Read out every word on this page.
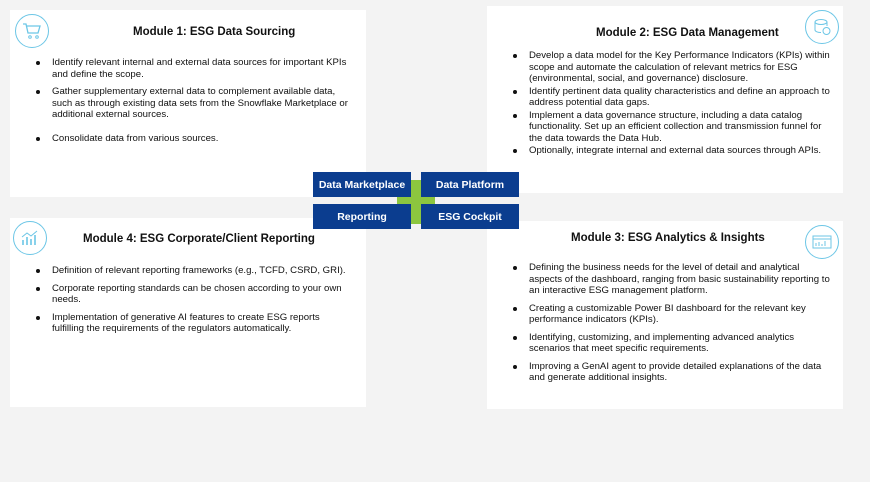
Module 1: ESG Data Sourcing
Identify relevant internal and external data sources for important KPIs and define the scope.
Gather supplementary external data to complement available data, such as through existing data sets from the Snowflake Marketplace or additional external sources.
Consolidate data from various sources.
Module 2: ESG Data Management
Develop a data model for the Key Performance Indicators (KPIs) within scope and automate the calculation of relevant metrics for ESG (environmental, social, and governance) disclosure.
Identify pertinent data quality characteristics and define an approach to address potential data gaps.
Implement a data governance structure, including a data catalog functionality. Set up an efficient collection and transmission funnel for the data towards the Data Hub.
Optionally, integrate internal and external data sources through APIs.
Module 4: ESG Corporate/Client Reporting
Definition of relevant reporting frameworks (e.g., TCFD, CSRD, GRI).
Corporate reporting standards can be chosen according to your own needs.
Implementation of generative AI features to create ESG reports fulfilling the requirements of the regulators automatically.
Module 3: ESG Analytics & Insights
Defining the business needs for the level of detail and analytical aspects of the dashboard, ranging from basic sustainability reporting to an interactive ESG management platform.
Creating a customizable Power BI dashboard for the relevant key performance indicators (KPIs).
Identifying, customizing, and implementing advanced analytics scenarios that meet specific requirements.
Improving a GenAI agent to provide detailed explanations of the data and generate additional insights.
Data Marketplace	Data Platform
Reporting	ESG Cockpit
